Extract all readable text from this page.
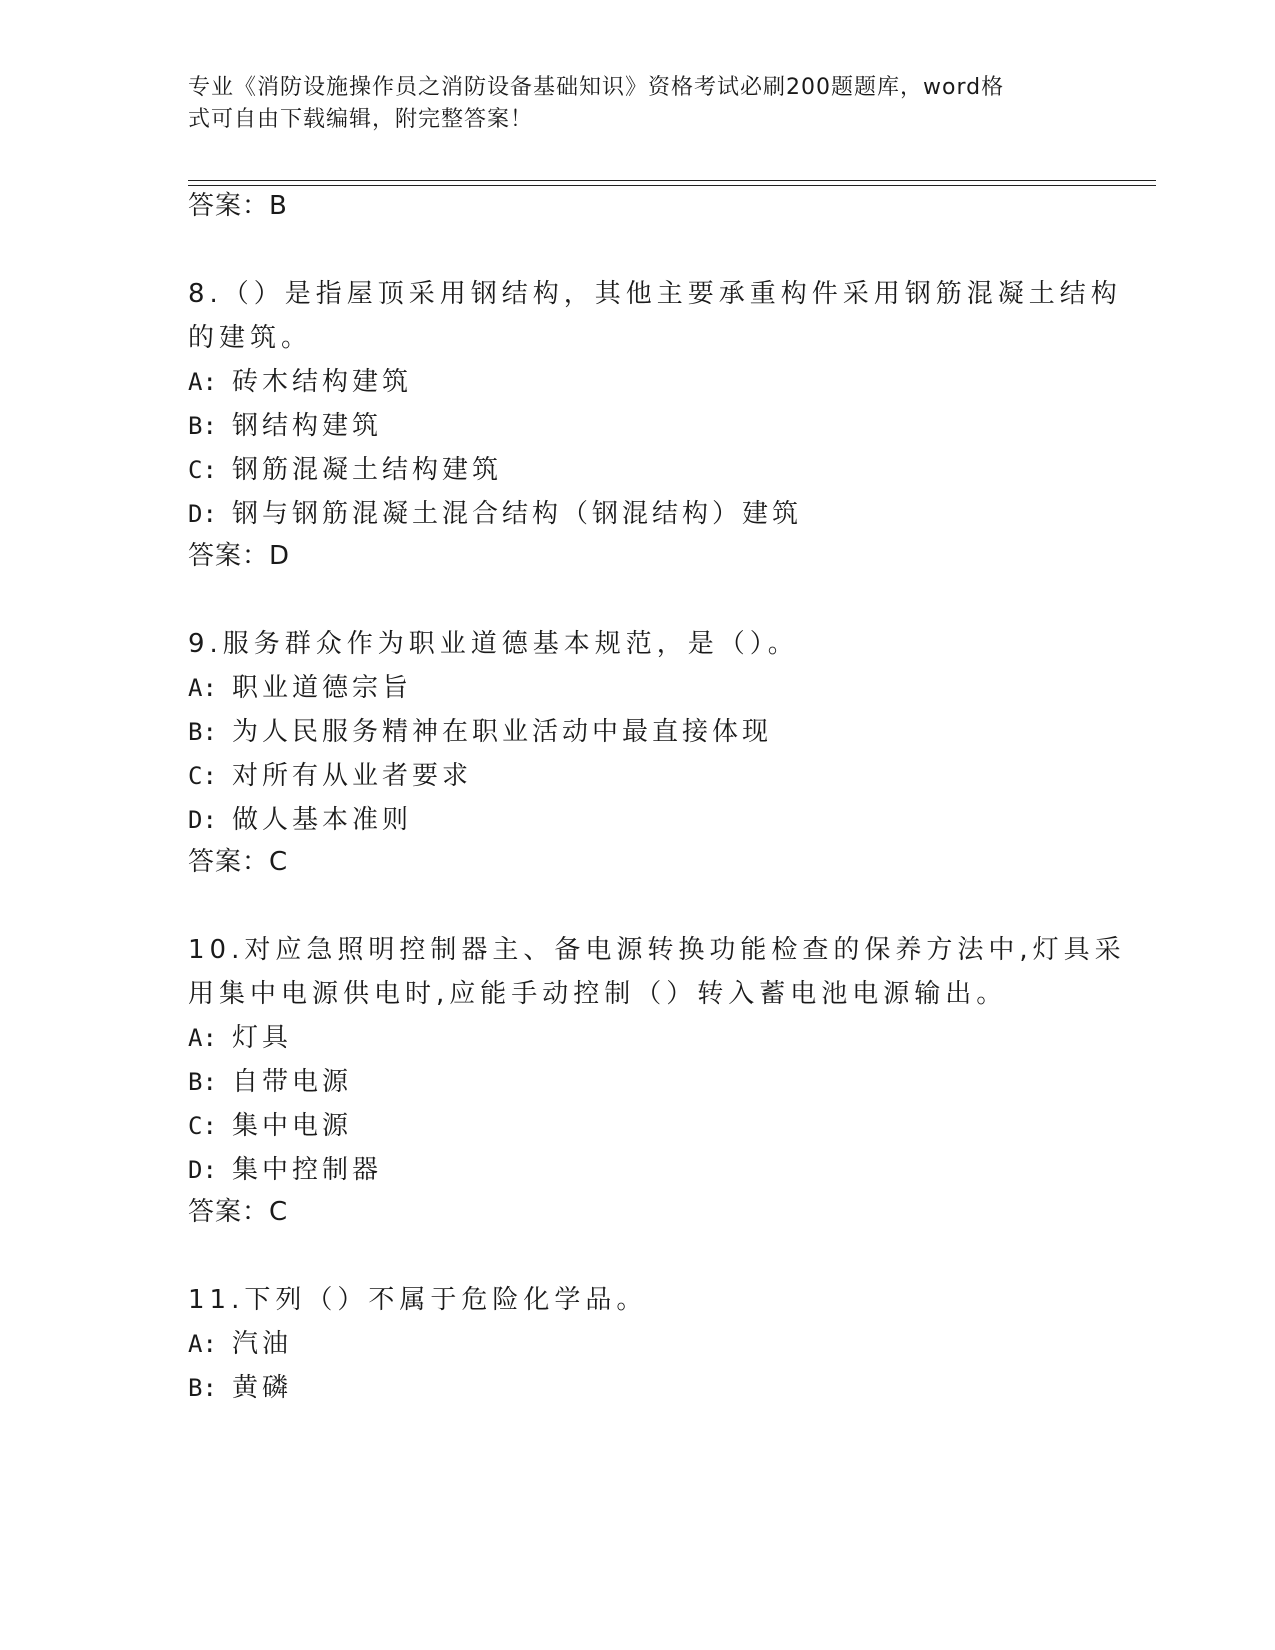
专业《消防设施操作员之消防设备基础知识》资格考试必刷200题题库，word格
式可自由下载编辑，附完整答案！
答案：B
8.（）是指屋顶采用钢结构，其他主要承重构件采用钢筋混凝土结构
的建筑。
A: 砖木结构建筑
B: 钢结构建筑
C: 钢筋混凝土结构建筑
D: 钢与钢筋混凝土混合结构（钢混结构）建筑
答案：D
9.服务群众作为职业道德基本规范，是（）。
A: 职业道德宗旨
B: 为人民服务精神在职业活动中最直接体现
C: 对所有从业者要求
D: 做人基本准则
答案：C
10.对应急照明控制器主、备电源转换功能检查的保养方法中,灯具采
用集中电源供电时,应能手动控制（）转入蓄电池电源输出。
A: 灯具
B: 自带电源
C: 集中电源
D: 集中控制器
答案：C
11.下列（）不属于危险化学品。
A: 汽油
B: 黄磷
